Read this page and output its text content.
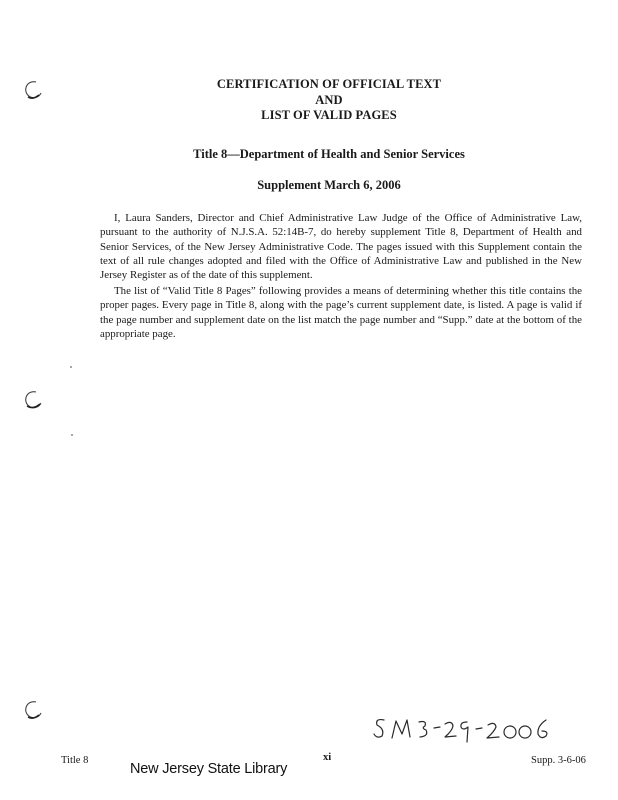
CERTIFICATION OF OFFICIAL TEXT
AND
LIST OF VALID PAGES
Title 8—Department of Health and Senior Services
Supplement March 6, 2006

I, Laura Sanders, Director and Chief Administrative Law Judge of the Office of Administrative Law, pursuant to the authority of N.J.S.A. 52:14B-7, do hereby supplement Title 8, Department of Health and Senior Services, of the New Jersey Administrative Code. The pages issued with this Supplement contain the text of all rule changes adopted and filed with the Office of Administrative Law and published in the New Jersey Register as of the date of this supplement.

The list of “Valid Title 8 Pages” following provides a means of determining whether this title contains the proper pages. Every page in Title 8, along with the page’s current supplement date, is listed. A page is valid if the page number and supplement date on the list match the page number and “Supp.” date at the bottom of the appropriate page.

Title 8	xi	Supp. 3-6-06
New Jersey State Library
